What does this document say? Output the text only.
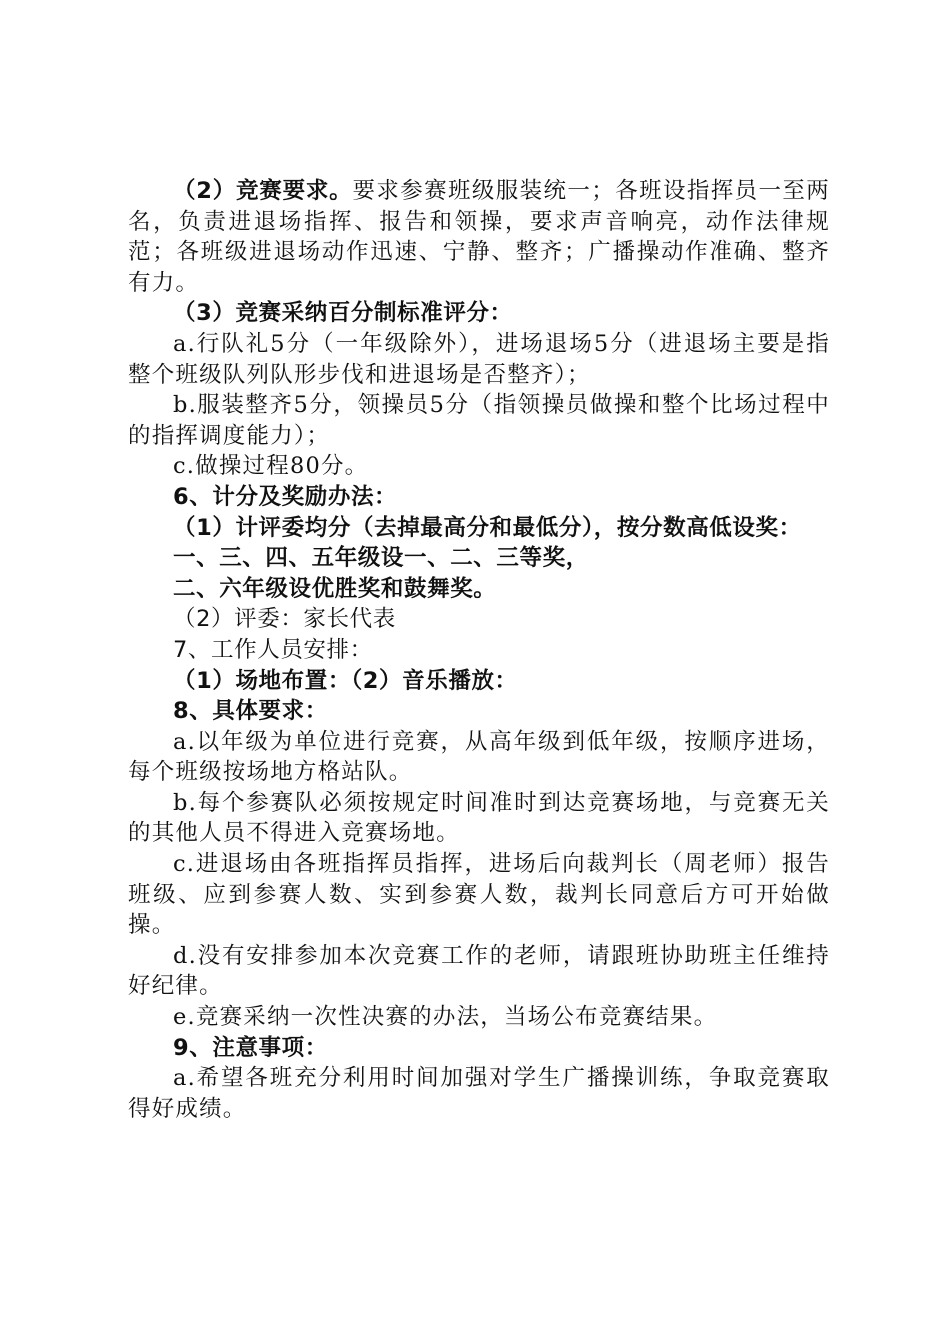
（2）竞赛要求。要求参赛班级服装统一；各班设指挥员一至两名，负责进退场指挥、报告和领操，要求声音响亮，动作法律规范；各班级进退场动作迅速、宁静、整齐；广播操动作准确、整齐有力。

（3）竞赛采纳百分制标准评分：

a.行队礼5分（一年级除外），进场退场5分（进退场主要是指整个班级队列队形步伐和进退场是否整齐）；

b.服装整齐5分，领操员5分（指领操员做操和整个比场过程中的指挥调度能力）；

c.做操过程80分。

6、计分及奖励办法：

（1）计评委均分（去掉最高分和最低分），按分数高低设奖：

一、三、四、五年级设一、二、三等奖，

二、六年级设优胜奖和鼓舞奖。

（2）评委：家长代表

7、工作人员安排：

（1）场地布置：（2）音乐播放：

8、具体要求：

a.以年级为单位进行竞赛，从高年级到低年级，按顺序进场，每个班级按场地方格站队。

b.每个参赛队必须按规定时间准时到达竞赛场地，与竞赛无关的其他人员不得进入竞赛场地。

c.进退场由各班指挥员指挥，进场后向裁判长（周老师）报告班级、应到参赛人数、实到参赛人数，裁判长同意后方可开始做操。

d.没有安排参加本次竞赛工作的老师，请跟班协助班主任维持好纪律。

e.竞赛采纳一次性决赛的办法，当场公布竞赛结果。

9、注意事项：

a.希望各班充分利用时间加强对学生广播操训练，争取竞赛取得好成绩。
